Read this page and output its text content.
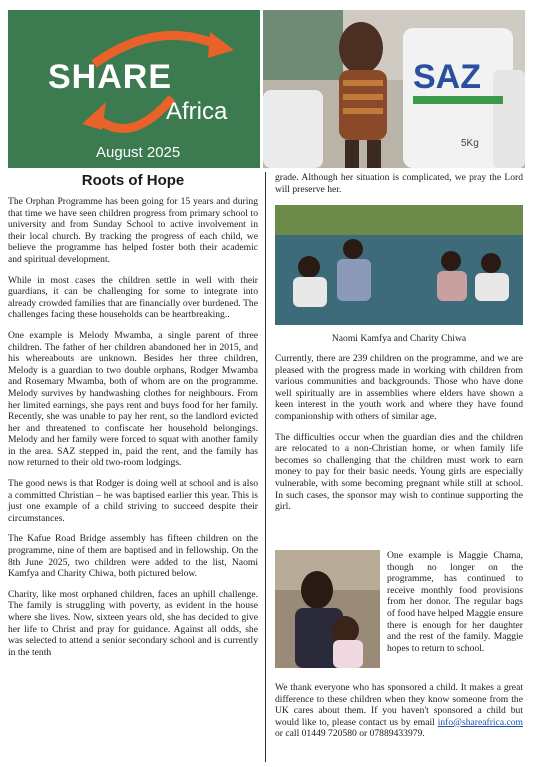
SHARE
Africa
August 2025
SAZ
5Kg
Roots of Hope

The Orphan Programme has been going for 15 years and during that time we have seen children progress from primary school to university and from Sunday School to active involvement in their local church. By tracking the progress of each child, we believe the programme has helped foster both their academic and spiritual development.

While in most cases the children settle in well with their guardians, it can be challenging for some to integrate into already crowded families that are financially over burdened. The challenges facing these households can be heartbreaking..

One example is Melody Mwamba, a single parent of three children. The father of her children abandoned her in 2015, and his whereabouts are unknown. Besides her three children, Melody is a guardian to two double orphans, Rodger Mwamba and Rosemary Mwamba, both of whom are on the programme. Melody survives by handwashing clothes for neighbours. From her limited earnings, she pays rent and buys food for her family. Recently, she was unable to pay her rent, so the landlord evicted her and threatened to confiscate her household belongings. Melody and her family were forced to squat with another family in the area. SAZ stepped in, paid the rent, and the family has now returned to their old two-room lodgings.

The good news is that Rodger is doing well at school and is also a committed Christian – he was baptised earlier this year. This is just one example of a child striving to succeed despite their circumstances.

The Kafue Road Bridge assembly has fifteen children on the programme, nine of them are baptised and in fellowship. On the 8th June 2025, two children were added to the list, Naomi Kamfya and Charity Chiwa, both pictured below.

Charity, like most orphaned children, faces an uphill challenge. The family is struggling with poverty, as evident in the house where she lives. Now, sixteen years old, she has decided to give her life to Christ and pray for guidance. Against all odds, she was selected to attend a senior secondary school and is currently in the tenth

grade. Although her situation is complicated, we pray the Lord will preserve her.

Naomi Kamfya and Charity Chiwa

Currently, there are 239 children on the programme, and we are pleased with the progress made in working with children from various communities and backgrounds. Those who have done well spiritually are in assemblies where elders have shown a keen interest in the youth work and where they have found companionship with others of similar age.

The difficulties occur when the guardian dies and the children are relocated to a non-Christian home, or when family life becomes so challenging that the children must work to earn money to pay for their basic needs. Young girls are especially vulnerable, with some becoming pregnant while still at school. In such cases, the sponsor may wish to continue supporting the girl.

One example is Maggie Chama, though no longer on the programme, has continued to receive monthly food provisions from her donor. The regular bags of food have helped Maggie ensure there is enough for her daughter and the rest of the family. Maggie hopes to return to school.

We thank everyone who has sponsored a child. It makes a great difference to these children when they know someone from the UK cares about them. If you haven't sponsored a child but would like to, please contact us by email info@shareafrica.com or call 01449 720580 or 07889433979.
